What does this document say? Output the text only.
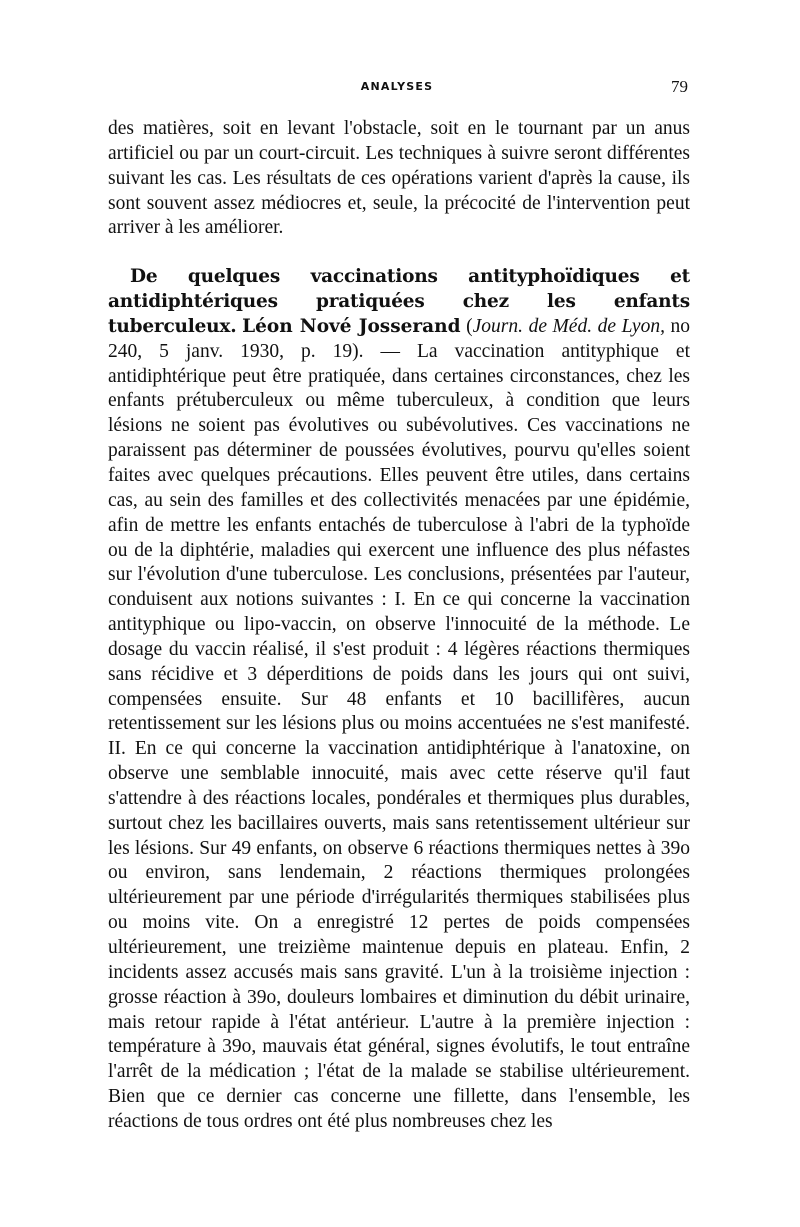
ANALYSES	79

des matières, soit en levant l'obstacle, soit en le tournant par un anus artificiel ou par un court-circuit. Les techniques à suivre seront différentes suivant les cas. Les résultats de ces opérations varient d'après la cause, ils sont souvent assez médiocres et, seule, la précocité de l'intervention peut arriver à les améliorer.

De quelques vaccinations antityphoïdiques et antidiphtériques pratiquées chez les enfants tuberculeux. Léon Nové Josserand (Journ. de Méd. de Lyon, no 240, 5 janv. 1930, p. 19). — La vaccination antityphique et antidiphtérique peut être pratiquée, dans certaines circonstances, chez les enfants prétuberculeux ou même tuberculeux, à condition que leurs lésions ne soient pas évolutives ou subévolutives. Ces vaccinations ne paraissent pas déterminer de poussées évolutives, pourvu qu'elles soient faites avec quelques précautions. Elles peuvent être utiles, dans certains cas, au sein des familles et des collectivités menacées par une épidémie, afin de mettre les enfants entachés de tuberculose à l'abri de la typhoïde ou de la diphtérie, maladies qui exercent une influence des plus néfastes sur l'évolution d'une tuberculose. Les conclusions, présentées par l'auteur, conduisent aux notions suivantes : I. En ce qui concerne la vaccination antityphique ou lipo-vaccin, on observe l'innocuité de la méthode. Le dosage du vaccin réalisé, il s'est produit : 4 légères réactions thermiques sans récidive et 3 déperditions de poids dans les jours qui ont suivi, compensées ensuite. Sur 48 enfants et 10 bacillifères, aucun retentissement sur les lésions plus ou moins accentuées ne s'est manifesté. II. En ce qui concerne la vaccination antidiphtérique à l'anatoxine, on observe une semblable innocuité, mais avec cette réserve qu'il faut s'attendre à des réactions locales, pondérales et thermiques plus durables, surtout chez les bacillaires ouverts, mais sans retentissement ultérieur sur les lésions. Sur 49 enfants, on observe 6 réactions thermiques nettes à 39o ou environ, sans lendemain, 2 réactions thermiques prolongées ultérieurement par une période d'irrégularités thermiques stabilisées plus ou moins vite. On a enregistré 12 pertes de poids compensées ultérieurement, une treizième maintenue depuis en plateau. Enfin, 2 incidents assez accusés mais sans gravité. L'un à la troisième injection : grosse réaction à 39o, douleurs lombaires et diminution du débit urinaire, mais retour rapide à l'état antérieur. L'autre à la première injection : température à 39o, mauvais état général, signes évolutifs, le tout entraîne l'arrêt de la médication ; l'état de la malade se stabilise ultérieurement. Bien que ce dernier cas concerne une fillette, dans l'ensemble, les réactions de tous ordres ont été plus nombreuses chez les
